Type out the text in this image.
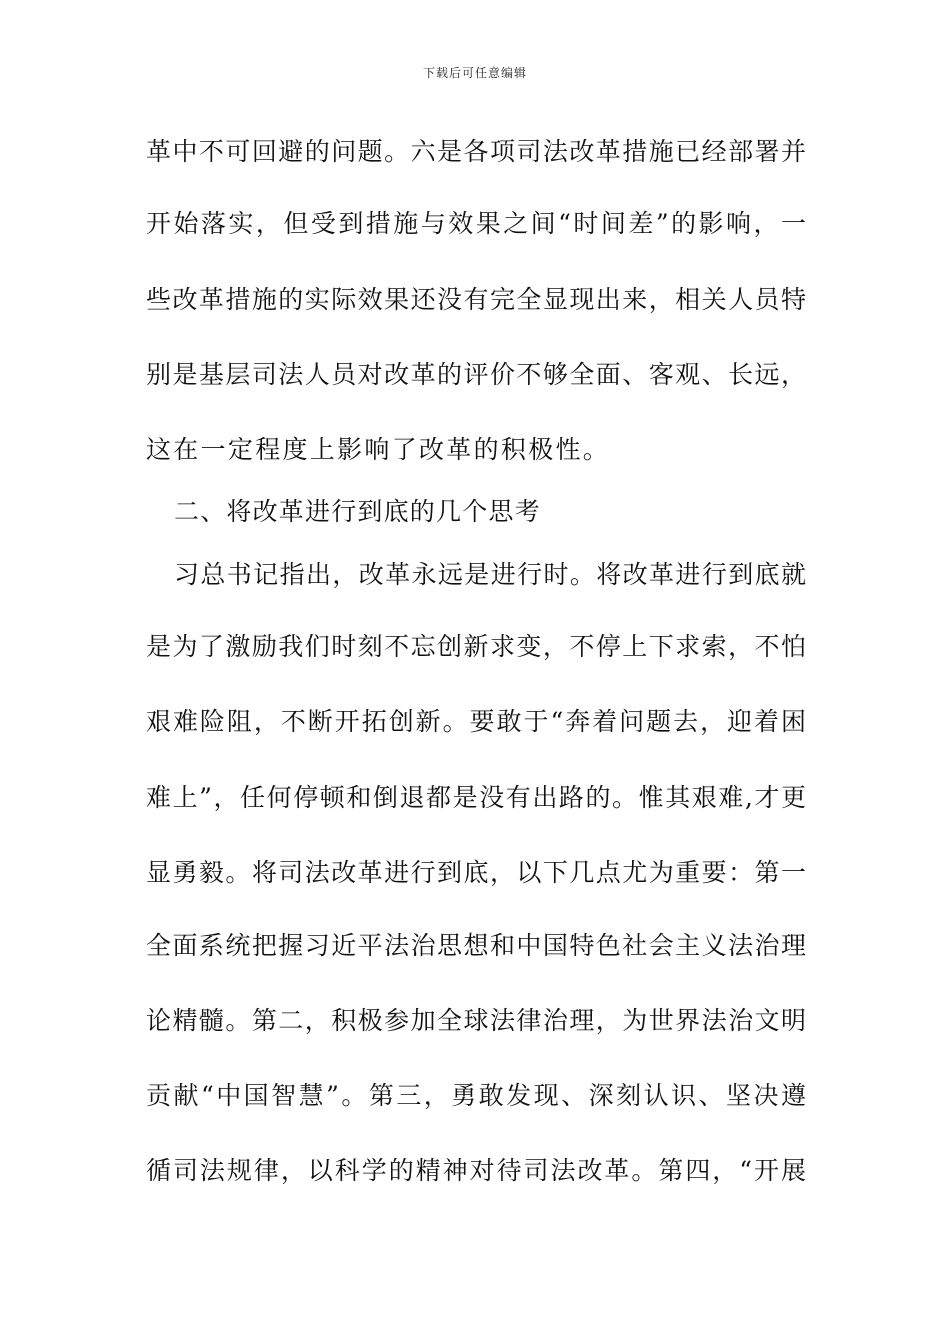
下载后可任意编辑
革中不可回避的问题。六是各项司法改革措施已经部署并
开始落实，但受到措施与效果之间“时间差”的影响，一
些改革措施的实际效果还没有完全显现出来，相关人员特
别是基层司法人员对改革的评价不够全面、客观、长远，
这在一定程度上影响了改革的积极性。
二、将改革进行到底的几个思考
习总书记指出，改革永远是进行时。将改革进行到底就
是为了激励我们时刻不忘创新求变，不停上下求索，不怕
艰难险阻，不断开拓创新。要敢于“奔着问题去，迎着困
难上”，任何停顿和倒退都是没有出路的。惟其艰难,才更
显勇毅。将司法改革进行到底，以下几点尤为重要：第一
全面系统把握习近平法治思想和中国特色社会主义法治理
论精髓。第二，积极参加全球法律治理，为世界法治文明
贡献“中国智慧”。第三，勇敢发现、深刻认识、坚决遵
循司法规律，以科学的精神对待司法改革。第四，“开展
